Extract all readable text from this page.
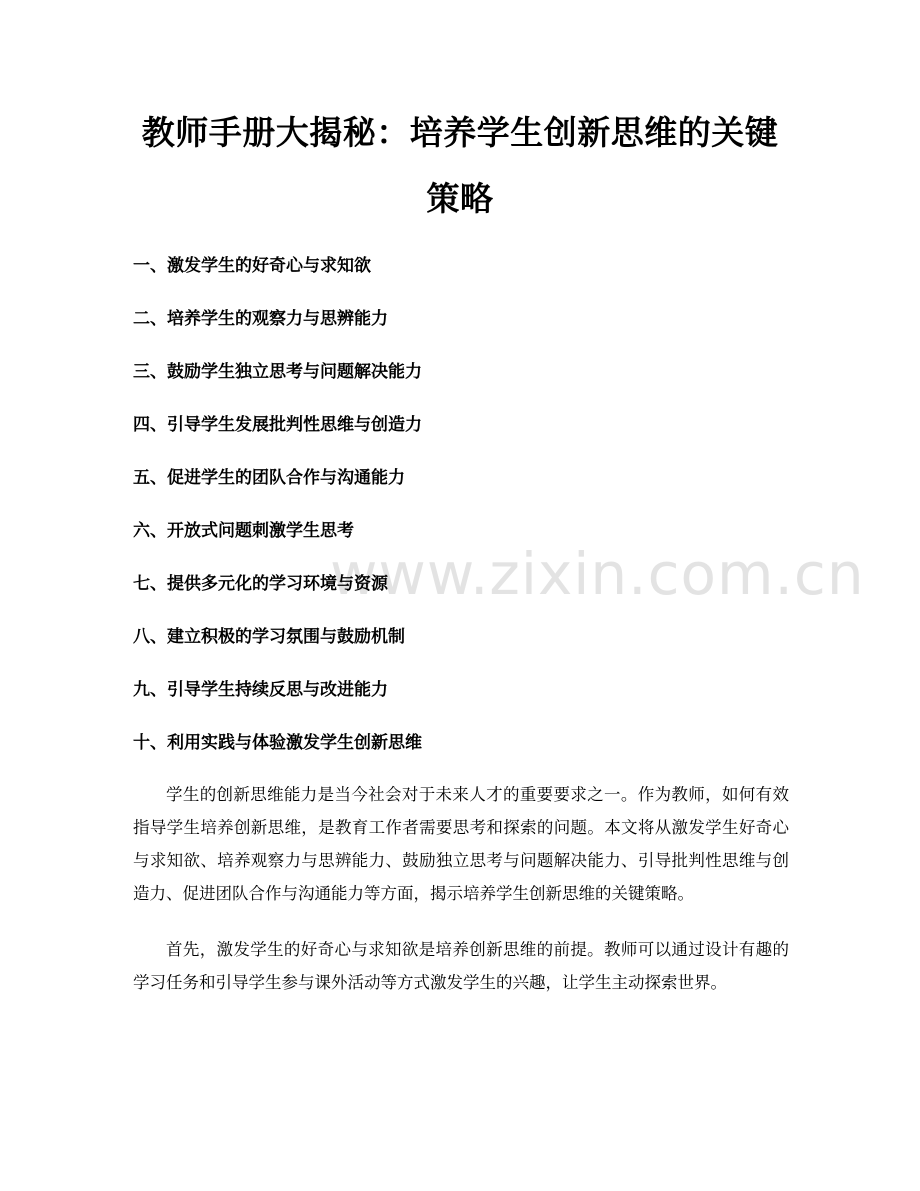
www.zixin.com.cn
教师手册大揭秘：培养学生创新思维的关键策略
一、激发学生的好奇心与求知欲
二、培养学生的观察力与思辨能力
三、鼓励学生独立思考与问题解决能力
四、引导学生发展批判性思维与创造力
五、促进学生的团队合作与沟通能力
六、开放式问题刺激学生思考
七、提供多元化的学习环境与资源
八、建立积极的学习氛围与鼓励机制
九、引导学生持续反思与改进能力
十、利用实践与体验激发学生创新思维

学生的创新思维能力是当今社会对于未来人才的重要要求之一。作为教师，如何有效指导学生培养创新思维，是教育工作者需要思考和探索的问题。本文将从激发学生好奇心与求知欲、培养观察力与思辨能力、鼓励独立思考与问题解决能力、引导批判性思维与创造力、促进团队合作与沟通能力等方面，揭示培养学生创新思维的关键策略。

首先，激发学生的好奇心与求知欲是培养创新思维的前提。教师可以通过设计有趣的学习任务和引导学生参与课外活动等方式激发学生的兴趣，让学生主动探索世界。
